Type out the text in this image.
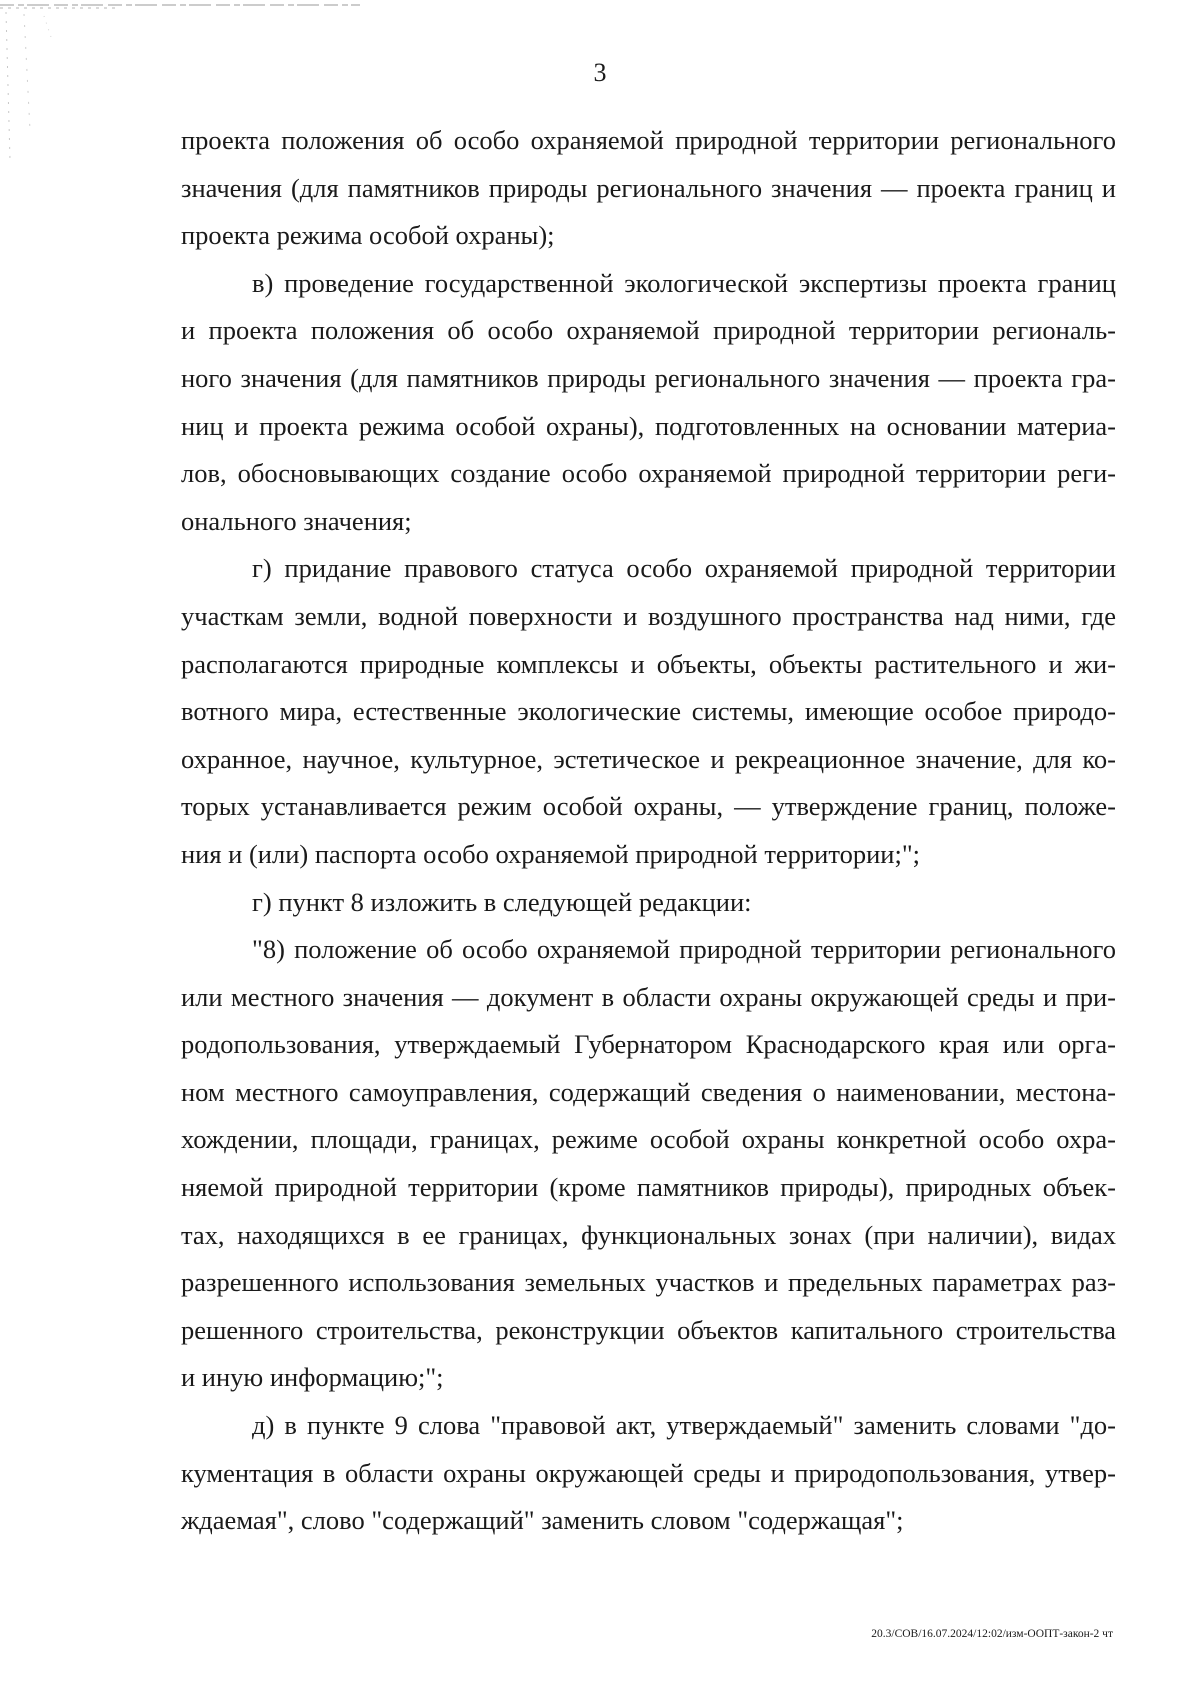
3
проекта положения об особо охраняемой природной территории регионального
значения (для памятников природы регионального значения — проекта границ и
проекта режима особой охраны);
в) проведение государственной экологической экспертизы проекта границ
и проекта положения об особо охраняемой природной территории региональ-
ного значения (для памятников природы регионального значения — проекта гра-
ниц и проекта режима особой охраны), подготовленных на основании материа-
лов, обосновывающих создание особо охраняемой природной территории реги-
онального значения;
г) придание правового статуса особо охраняемой природной территории
участкам земли, водной поверхности и воздушного пространства над ними, где
располагаются природные комплексы и объекты, объекты растительного и жи-
вотного мира, естественные экологические системы, имеющие особое природо-
охранное, научное, культурное, эстетическое и рекреационное значение, для ко-
торых устанавливается режим особой охраны, — утверждение границ, положе-
ния и (или) паспорта особо охраняемой природной территории;";
г) пункт 8 изложить в следующей редакции:
"8) положение об особо охраняемой природной территории регионального
или местного значения — документ в области охраны окружающей среды и при-
родопользования, утверждаемый Губернатором Краснодарского края или орга-
ном местного самоуправления, содержащий сведения о наименовании, местона-
хождении, площади, границах, режиме особой охраны конкретной особо охра-
няемой природной территории (кроме памятников природы), природных объек-
тах, находящихся в ее границах, функциональных зонах (при наличии), видах
разрешенного использования земельных участков и предельных параметрах раз-
решенного строительства, реконструкции объектов капитального строительства
и иную информацию;";
д) в пункте 9 слова "правовой акт, утверждаемый" заменить словами "до-
кументация в области охраны окружающей среды и природопользования, утвер-
ждаемая", слово "содержащий" заменить словом "содержащая";
20.3/СОВ/16.07.2024/12:02/изм-ООПТ-закон-2 чт
